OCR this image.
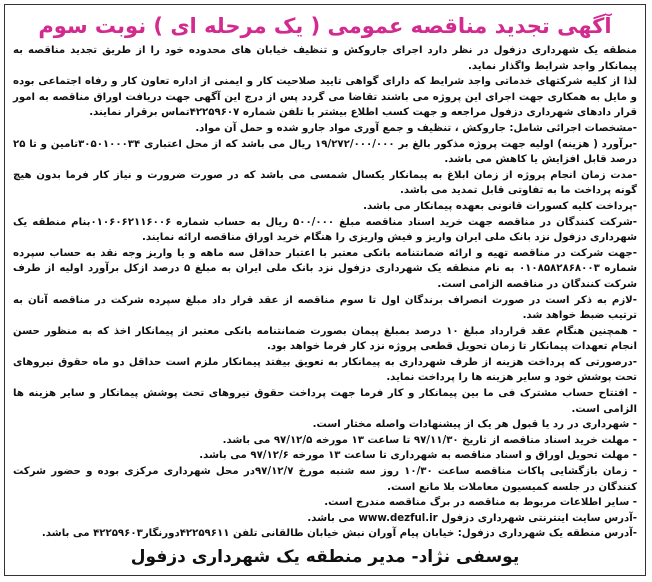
آگهی تجدید مناقصه عمومی ( یک مرحله ای ) نوبت سوم

منطقه یک شهرداری دزفول در نظر دارد اجرای جاروکش و تنظیف خیابان های محدوده خود را از طریق تجدید مناقصه به پیمانکار واجد شرایط واگذار نماید.

لذا از کلیه شرکتهای خدماتی واجد شرایط که دارای گواهی تایید صلاحیت کار و ایمنی از اداره تعاون کار و رفاه اجتماعی بوده و مایل به همکاری جهت اجرای این پروژه می باشند تقاضا می گردد پس از درج این آگهی جهت دریافت اوراق مناقصه به امور قرار دادهای شهرداری دزفول مراجعه و جهت کسب اطلاع بیشتر با تلفن شماره ۴۲۲۵۹۶۰۷تماس برقرار نمایند.

-مشخصات اجرائی شامل: جاروکش ، تنظیف و جمع آوری مواد جارو شده و حمل آن مواد.

-برآورد ( هزینه) اولیه جهت پروژه مذکور بالغ بر ۱۹/۲۷۲/۰۰۰/۰۰۰ ریال می باشد که از محل اعتباری ۳۰۵۰۱۰۰۰۳۴تامین و تا ۲۵ درصد قابل افزایش یا کاهش می باشد.

-مدت زمان انجام پروژه از زمان ابلاغ به پیمانکار یکسال شمسی می باشد که در صورت ضرورت و نیاز کار فرما بدون هیچ گونه پرداخت ما به تفاوتی قابل تمدید می باشد.

-پرداخت کلیه کسورات قانونی بعهده پیمانکار می باشد.

-شرکت کنندگان در مناقصه جهت خرید اسناد مناقصه مبلغ ۵۰۰/۰۰۰ ریال به حساب شماره ۰۱۰۶۰۶۲۱۱۶۰۰۶بنام منطقه یک شهرداری دزفول نزد بانک ملی ایران واریز و فیش واریزی را هنگام خرید اوراق مناقصه ارائه نمایند.

-جهت شرکت در مناقصه تهیه و ارائه ضمانتنامه بانکی معتبر با اعتبار حداقل سه ماهه و یا واریز وجه نقد به حساب سپرده شماره ۰۱۰۸۵۸۲۸۶۸۰۰۳ به نام منطقه یک شهرداری دزفول نزد بانک ملی ایران به مبلغ ۵ درصد ازکل برآورد اولیه از طرف شرکت کنندگان در مناقصه الزامی است.

-لازم به ذکر است در صورت انصراف برندگان اول تا سوم مناقصه از عقد قرار داد مبلغ سپرده شرکت در مناقصه آنان به ترتیب ضبط خواهد شد.

- همچنین هنگام عقد قرارداد مبلغ ۱۰ درصد بمبلغ پیمان بصورت ضمانتنامه بانکی معتبر از پیمانکار اخذ که به منظور حسن انجام تعهدات پیمانکار تا زمان تحویل قطعی پروژه نزد کار فرما خواهد بود.

-درصورتی که پرداخت هزینه از طرف شهرداری به پیمانکار به تعویق بیفتد پیمانکار ملزم است حداقل دو ماه حقوق نیروهای تحت پوشش خود و سایر هزینه ها را پرداخت نماید.

- افتتاح حساب مشترک فی ما بین پیمانکار و کار فرما جهت پرداخت حقوق نیروهای تحت پوشش پیمانکار و سایر هزینه ها الزامی است.

- شهرداری در رد یا قبول هر یک از پیشنهادات واصله مختار است.

- مهلت خرید اسناد مناقصه از تاریخ ۹۷/۱۱/۳۰ تا ساعت ۱۳ مورخه ۹۷/۱۲/۵ می باشد.

- مهلت تحویل اوراق و اسناد مناقصه به شهرداری تا ساعت ۱۳ مورخه ۹۷/۱۲/۶ می باشد.

- زمان بازگشایی پاکات مناقصه ساعت ۱۰/۳۰ روز سه شنبه مورخ ۹۷/۱۲/۷در محل شهرداری مرکزی بوده و حضور شرکت کنندگان در جلسه کمیسیون معاملات بلا مانع است.

- سایر اطلاعات مربوط به مناقصه در برگ مناقصه مندرج است.

-آدرس سایت اینترنتی شهرداری دزفول www.dezful.ir می باشد.

-آدرس منطقه یک شهرداری دزفول: خیابان پیام آوران نبش خیابان طالقانی تلفن ۴۲۲۵۹۶۱۱دورنگار۴۲۲۵۹۶۰۳ می باشد.

یوسفی نژاد- مدیر منطقه یک شهرداری دزفول
